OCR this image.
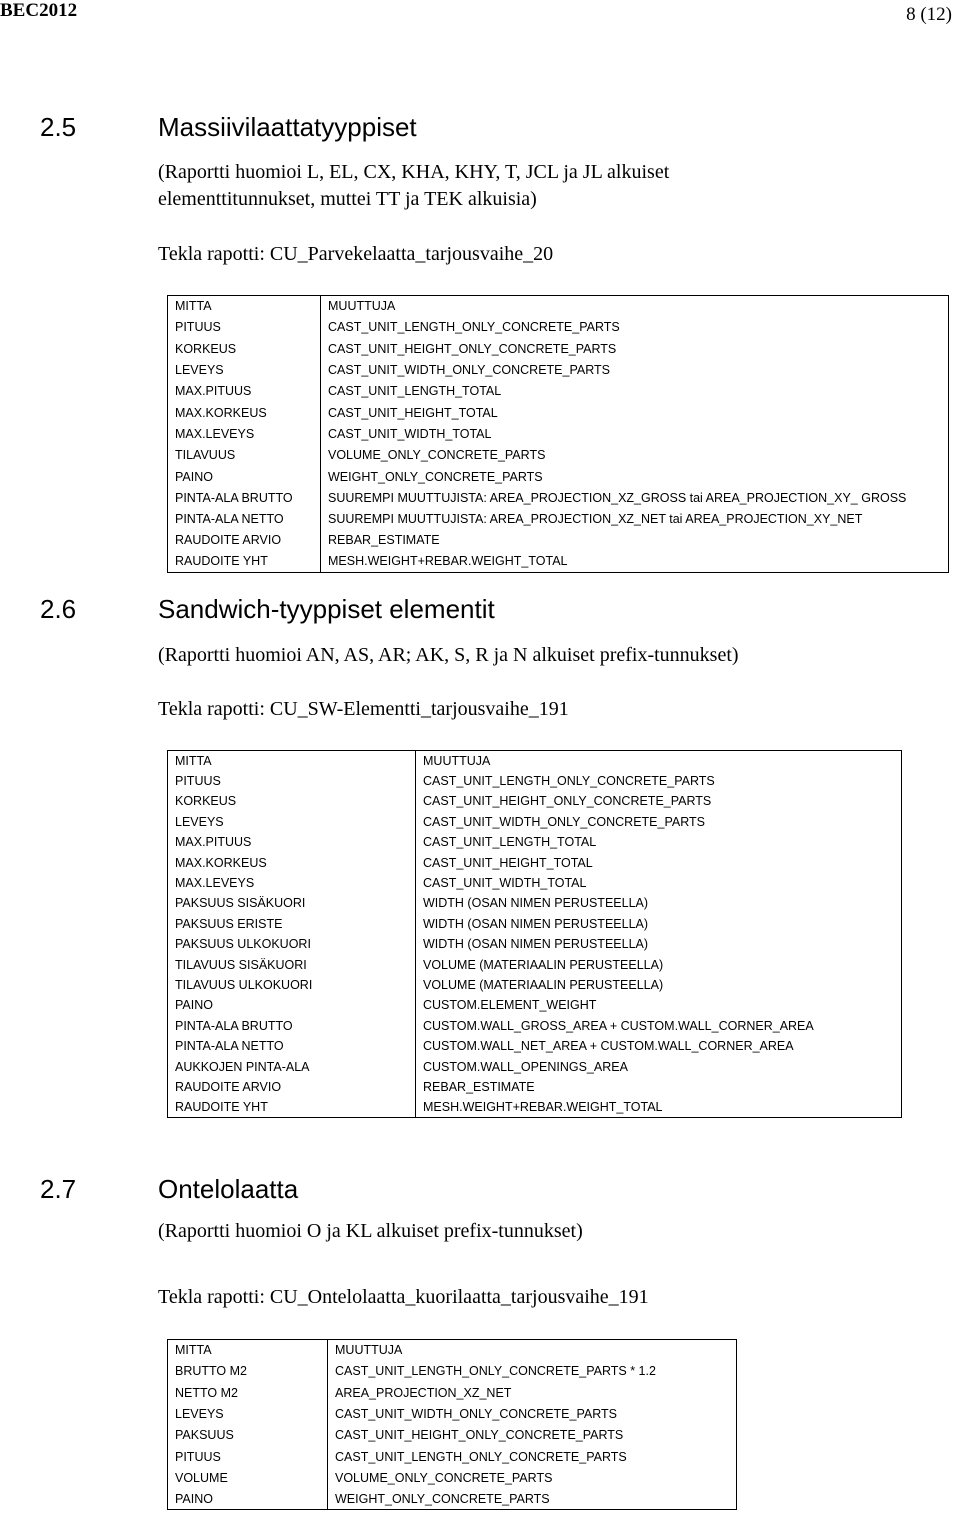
BEC2012	8 (12)
2.5	Massiivilaattatyyppiset
(Raportti huomioi L, EL, CX, KHA, KHY, T, JCL ja JL alkuiset
elementtitunnukset, muttei TT ja TEK alkuisia)
Tekla rapotti: CU_Parvekelaatta_tarjousvaihe_20
MITTA	MUUTTUJA
PITUUS	CAST_UNIT_LENGTH_ONLY_CONCRETE_PARTS
KORKEUS	CAST_UNIT_HEIGHT_ONLY_CONCRETE_PARTS
LEVEYS	CAST_UNIT_WIDTH_ONLY_CONCRETE_PARTS
MAX.PITUUS	CAST_UNIT_LENGTH_TOTAL
MAX.KORKEUS	CAST_UNIT_HEIGHT_TOTAL
MAX.LEVEYS	CAST_UNIT_WIDTH_TOTAL
TILAVUUS	VOLUME_ONLY_CONCRETE_PARTS
PAINO	WEIGHT_ONLY_CONCRETE_PARTS
PINTA-ALA BRUTTO	SUUREMPI MUUTTUJISTA: AREA_PROJECTION_XZ_GROSS tai AREA_PROJECTION_XY_ GROSS
PINTA-ALA NETTO	SUUREMPI MUUTTUJISTA: AREA_PROJECTION_XZ_NET tai AREA_PROJECTION_XY_NET
RAUDOITE ARVIO	REBAR_ESTIMATE
RAUDOITE YHT	MESH.WEIGHT+REBAR.WEIGHT_TOTAL
2.6	Sandwich-tyyppiset elementit
(Raportti huomioi AN, AS, AR; AK, S, R ja N alkuiset prefix-tunnukset)
Tekla rapotti: CU_SW-Elementti_tarjousvaihe_191
MITTA	MUUTTUJA
PITUUS	CAST_UNIT_LENGTH_ONLY_CONCRETE_PARTS
KORKEUS	CAST_UNIT_HEIGHT_ONLY_CONCRETE_PARTS
LEVEYS	CAST_UNIT_WIDTH_ONLY_CONCRETE_PARTS
MAX.PITUUS	CAST_UNIT_LENGTH_TOTAL
MAX.KORKEUS	CAST_UNIT_HEIGHT_TOTAL
MAX.LEVEYS	CAST_UNIT_WIDTH_TOTAL
PAKSUUS SISÄKUORI	WIDTH (OSAN NIMEN PERUSTEELLA)
PAKSUUS ERISTE	WIDTH (OSAN NIMEN PERUSTEELLA)
PAKSUUS ULKOKUORI	WIDTH (OSAN NIMEN PERUSTEELLA)
TILAVUUS SISÄKUORI	VOLUME (MATERIAALIN PERUSTEELLA)
TILAVUUS ULKOKUORI	VOLUME (MATERIAALIN PERUSTEELLA)
PAINO	CUSTOM.ELEMENT_WEIGHT
PINTA-ALA BRUTTO	CUSTOM.WALL_GROSS_AREA + CUSTOM.WALL_CORNER_AREA
PINTA-ALA NETTO	CUSTOM.WALL_NET_AREA + CUSTOM.WALL_CORNER_AREA
AUKKOJEN PINTA-ALA	CUSTOM.WALL_OPENINGS_AREA
RAUDOITE ARVIO	REBAR_ESTIMATE
RAUDOITE YHT	MESH.WEIGHT+REBAR.WEIGHT_TOTAL
2.7	Ontelolaatta
(Raportti huomioi O ja KL alkuiset prefix-tunnukset)
Tekla rapotti: CU_Ontelolaatta_kuorilaatta_tarjousvaihe_191
MITTA	MUUTTUJA
BRUTTO M2	CAST_UNIT_LENGTH_ONLY_CONCRETE_PARTS * 1.2
NETTO M2	AREA_PROJECTION_XZ_NET
LEVEYS	CAST_UNIT_WIDTH_ONLY_CONCRETE_PARTS
PAKSUUS	CAST_UNIT_HEIGHT_ONLY_CONCRETE_PARTS
PITUUS	CAST_UNIT_LENGTH_ONLY_CONCRETE_PARTS
VOLUME	VOLUME_ONLY_CONCRETE_PARTS
PAINO	WEIGHT_ONLY_CONCRETE_PARTS
